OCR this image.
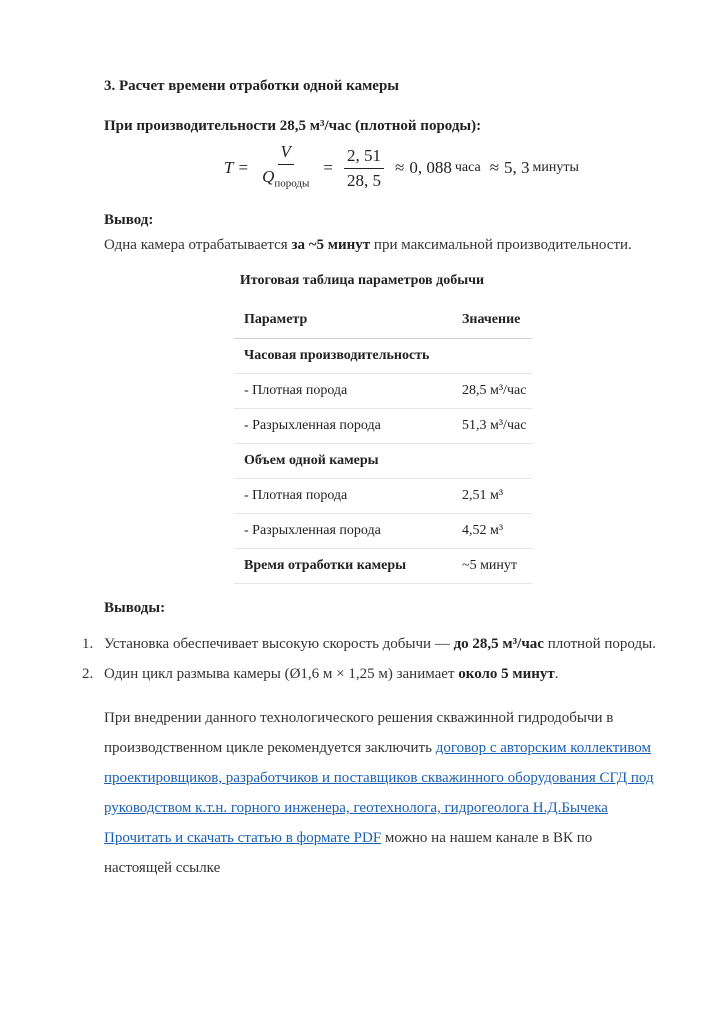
3. Расчет времени отработки одной камеры
При производительности 28,5 м³/час (плотной породы):
$T = \frac{V}{Q_{породы}} = \frac{2, 51}{28, 5} \approx 0$, 088 часа ≈ 5, 3 минуты
Вывод:
Одна камера отрабатывается за ~5 минут при максимальной производительности.
Итоговая таблица параметров добычи
Параметр	Значение
Часовая производительность	
- Плотная порода	28,5 м³/час
- Разрыхленная порода	51,3 м³/час
Объем одной камеры	
- Плотная порода	2,51 м³
- Разрыхленная порода	4,52 м³
Время отработки камеры	~5 минут
Выводы:
1. Установка обеспечивает высокую скорость добычи — до 28,5 м³/час плотной породы.
2. Один цикл размыва камеры (Ø1,6 м × 1,25 м) занимает около 5 минут.
При внедрении данного технологического решения скважинной гидродобычи в производственном цикле рекомендуется заключить договор с авторским коллективом проектировщиков, разработчиков и поставщиков скважинного оборудования СГД под руководством к.т.н. горного инженера, геотехнолога, гидрогеолога Н.Д.Бычека
Прочитать и скачать статью в формате PDF можно на нашем канале в ВК по настоящей ссылке
